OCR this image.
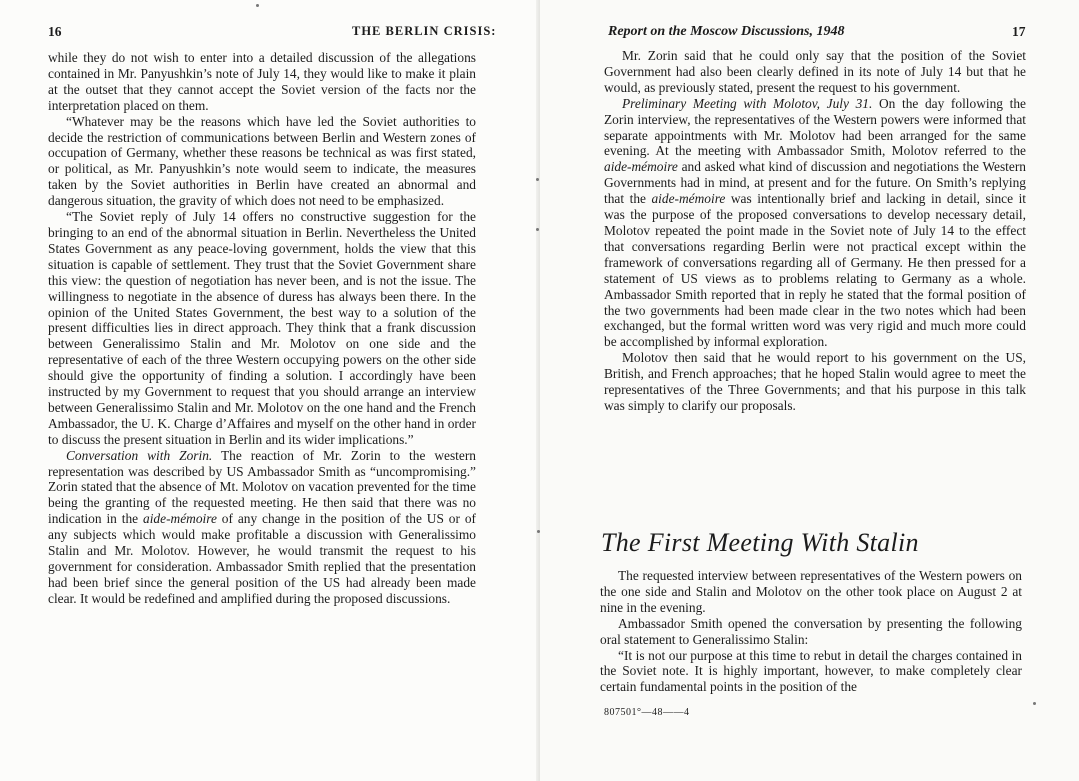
16	THE BERLIN CRISIS:

while they do not wish to enter into a detailed discussion of the allegations contained in Mr. Panyushkin’s note of July 14, they would like to make it plain at the outset that they cannot accept the Soviet version of the facts nor the interpretation placed on them.

“Whatever may be the reasons which have led the Soviet authorities to decide the restriction of communications between Berlin and Western zones of occupation of Germany, whether these reasons be technical as was first stated, or political, as Mr. Panyushkin’s note would seem to indicate, the measures taken by the Soviet authorities in Berlin have created an abnormal and dangerous situation, the gravity of which does not need to be emphasized.

“The Soviet reply of July 14 offers no constructive suggestion for the bringing to an end of the abnormal situation in Berlin. Nevertheless the United States Government as any peace-loving government, holds the view that this situation is capable of settlement. They trust that the Soviet Government share this view: the question of negotiation has never been, and is not the issue. The willingness to negotiate in the absence of duress has always been there. In the opinion of the United States Government, the best way to a solution of the present difficulties lies in direct approach. They think that a frank discussion between Generalissimo Stalin and Mr. Molotov on one side and the representative of each of the three Western occupying powers on the other side should give the opportunity of finding a solution. I accordingly have been instructed by my Government to request that you should arrange an interview between Generalissimo Stalin and Mr. Molotov on the one hand and the French Ambassador, the U. K. Charge d’Affaires and myself on the other hand in order to discuss the present situation in Berlin and its wider implications.”

Conversation with Zorin. The reaction of Mr. Zorin to the western representation was described by US Ambassador Smith as “uncompromising.” Zorin stated that the absence of Mt. Molotov on vacation prevented for the time being the granting of the requested meeting. He then said that there was no indication in the aide-mémoire of any change in the position of the US or of any subjects which would make profitable a discussion with Generalissimo Stalin and Mr. Molotov. However, he would transmit the request to his government for consideration. Ambassador Smith replied that the presentation had been brief since the general position of the US had already been made clear. It would be redefined and amplified during the proposed discussions.

Report on the Moscow Discussions, 1948	17

Mr. Zorin said that he could only say that the position of the Soviet Government had also been clearly defined in its note of July 14 but that he would, as previously stated, present the request to his government.

Preliminary Meeting with Molotov, July 31. On the day following the Zorin interview, the representatives of the Western powers were informed that separate appointments with Mr. Molotov had been arranged for the same evening. At the meeting with Ambassador Smith, Molotov referred to the aide-mémoire and asked what kind of discussion and negotiations the Western Governments had in mind, at present and for the future. On Smith’s replying that the aide-mémoire was intentionally brief and lacking in detail, since it was the purpose of the proposed conversations to develop necessary detail, Molotov repeated the point made in the Soviet note of July 14 to the effect that conversations regarding Berlin were not practical except within the framework of conversations regarding all of Germany. He then pressed for a statement of US views as to problems relating to Germany as a whole. Ambassador Smith reported that in reply he stated that the formal position of the two governments had been made clear in the two notes which had been exchanged, but the formal written word was very rigid and much more could be accomplished by informal exploration.

Molotov then said that he would report to his government on the US, British, and French approaches; that he hoped Stalin would agree to meet the representatives of the Three Governments; and that his purpose in this talk was simply to clarify our proposals.

The First Meeting With Stalin

The requested interview between representatives of the Western powers on the one side and Stalin and Molotov on the other took place on August 2 at nine in the evening.

Ambassador Smith opened the conversation by presenting the following oral statement to Generalissimo Stalin:

“It is not our purpose at this time to rebut in detail the charges contained in the Soviet note. It is highly important, however, to make completely clear certain fundamental points in the position of the

807501°—48——4
